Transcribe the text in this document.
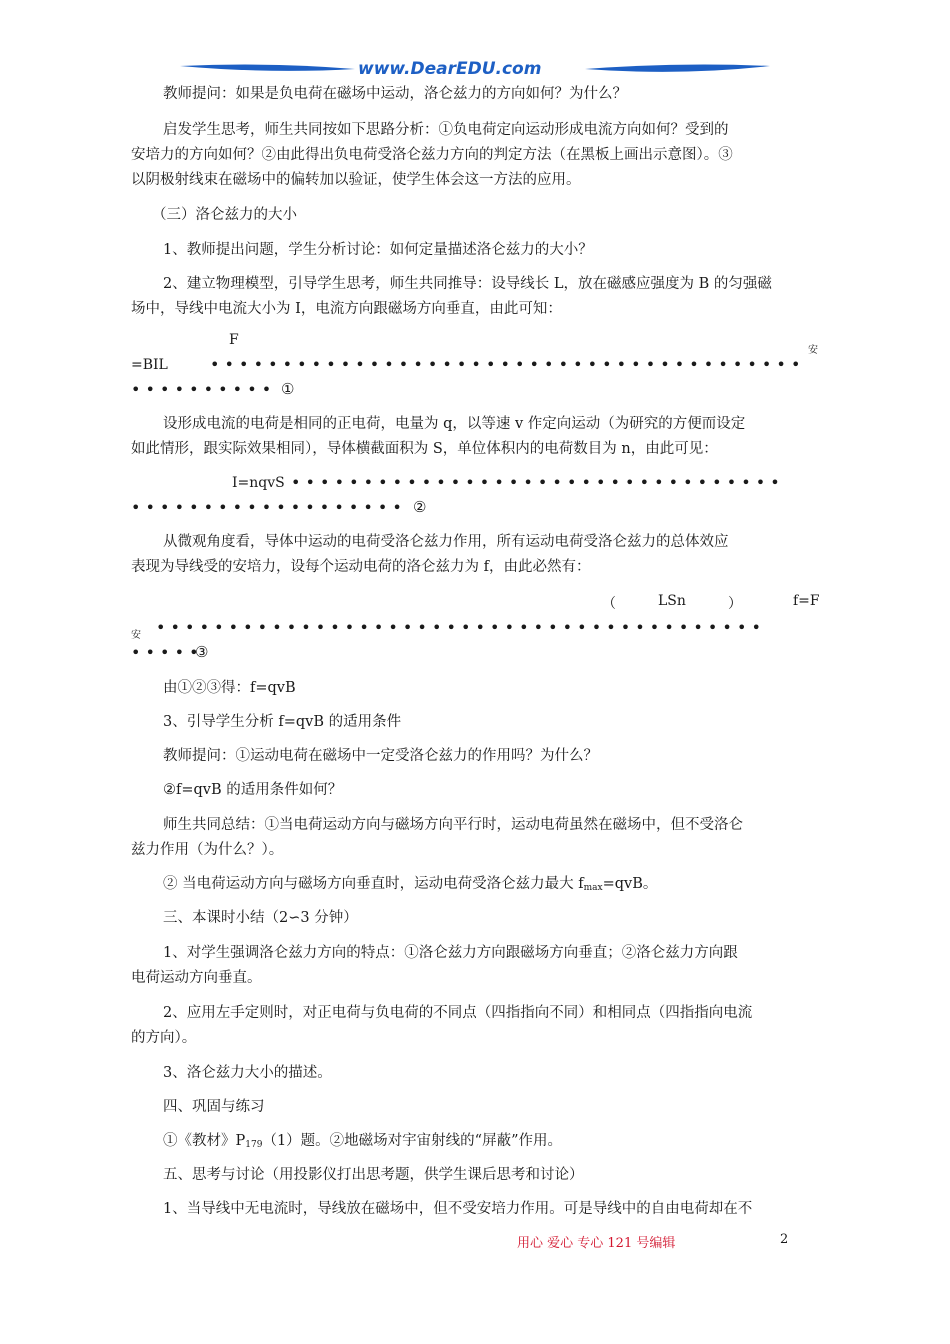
www.DearEDU.com
教师提问：如果是负电荷在磁场中运动，洛仑兹力的方向如何？为什么？
启发学生思考，师生共同按如下思路分析：①负电荷定向运动形成电流方向如何？受到的
安培力的方向如何？②由此得出负电荷受洛仑兹力方向的判定方法（在黑板上画出示意图）。③
以阴极射线束在磁场中的偏转加以验证，使学生体会这一方法的应用。
（三）洛仑兹力的大小
1、教师提出问题，学生分析讨论：如何定量描述洛仑兹力的大小？
2、建立物理模型，引导学生思考，师生共同推导：设导线长 L，放在磁感应强度为 B 的匀强磁
场中，导线中电流大小为 I，电流方向跟磁场方向垂直，由此可知：
F
安
=BIL	• • • • • • • • • • • • • • • • • • • • • • • • • • • • • • • • • • • • • • • • •
• • • • • • • • • • ①
设形成电流的电荷是相同的正电荷，电量为 q，以等速 v 作定向运动（为研究的方便而设定
如此情形，跟实际效果相同），导体横截面积为 S，单位体积内的电荷数目为 n，由此可见：
I=nqvS • • • • • • • • • • • • • • • • • • • • • • • • • • • • • • • • • •
• • • • • • • • • • • • • • • • • • • ②
从微观角度看，导体中运动的电荷受洛仑兹力作用，所有运动电荷受洛仑兹力的总体效应
表现为导线受的安培力，设每个运动电荷的洛仑兹力为 f，由此必然有：
（	LSn	）	f=F
安 • • • • • • • • • • • • • • • • • • • • • • • • • • • • • • • • • • • • • • • • • •
• • • • •
③
由①②③得：f=qvB
3、引导学生分析 f=qvB 的适用条件
教师提问：①运动电荷在磁场中一定受洛仑兹力的作用吗？为什么？
②f=qvB 的适用条件如何？
师生共同总结：①当电荷运动方向与磁场方向平行时，运动电荷虽然在磁场中，但不受洛仑
兹力作用（为什么？）。
② 当电荷运动方向与磁场方向垂直时，运动电荷受洛仑兹力最大 $f_{max}=qvB$。
三、本课时小结（2∽3 分钟）
1、对学生强调洛仑兹力方向的特点：①洛仑兹力方向跟磁场方向垂直；②洛仑兹力方向跟
电荷运动方向垂直。
2、应用左手定则时，对正电荷与负电荷的不同点（四指指向不同）和相同点（四指指向电流
的方向）。
3、洛仑兹力大小的描述。
四、巩固与练习
①《教材》$P_{179}(1)$题。②地磁场对宇宙射线的“屏蔽”作用。
五、思考与讨论（用投影仪打出思考题，供学生课后思考和讨论）
1、当导线中无电流时，导线放在磁场中，但不受安培力作用。可是导线中的自由电荷却在不
用心 爱心 专心 121 号编辑	2
